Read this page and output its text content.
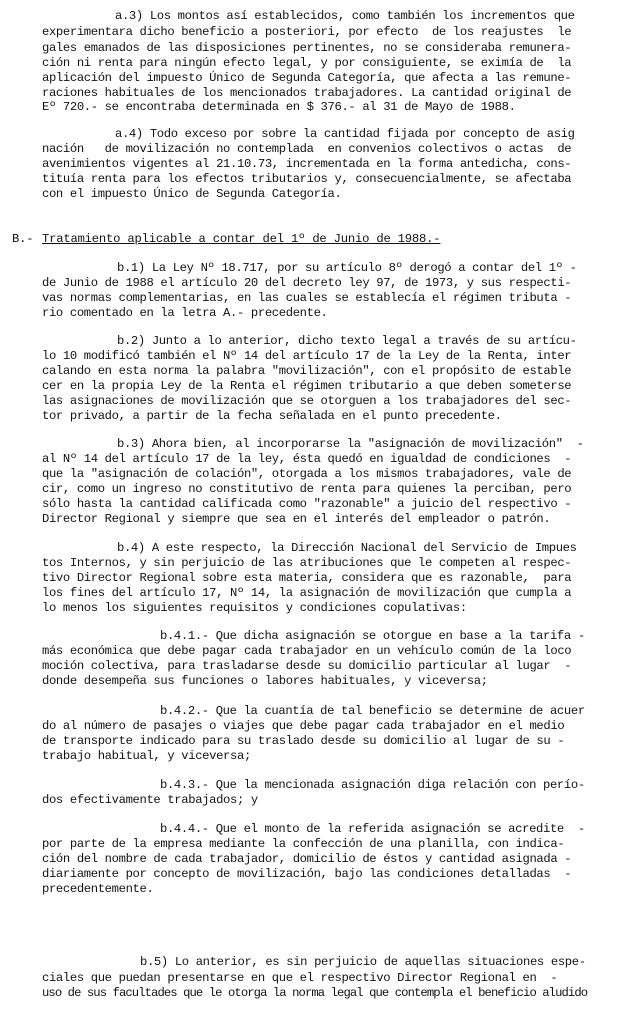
a.3) Los montos así establecidos, como también los incrementos que
experimentara dicho beneficio a posteriori, por efecto  de los reajustes  le
gales emanados de las disposiciones pertinentes, no se consideraba remunera-
ción ni renta para ningún efecto legal, y por consiguiente, se eximía de  la
aplicación del impuesto Único de Segunda Categoría, que afecta a las remune-
raciones habituales de los mencionados trabajadores. La cantidad original de
Eº 720.- se encontraba determinada en $ 376.- al 31 de Mayo de 1988.
a.4) Todo exceso por sobre la cantidad fijada por concepto de asig
nación   de movilización no contemplada  en convenios colectivos o actas  de
avenimientos vigentes al 21.10.73, incrementada en la forma antedicha, cons-
tituía renta para los efectos tributarios y, consecuencialmente, se afectaba
con el impuesto Único de Segunda Categoría.
B.- Tratamiento aplicable a contar del 1º de Junio de 1988.-
b.1) La Ley Nº 18.717, por su artículo 8º derogó a contar del 1º -
de Junio de 1988 el artículo 20 del decreto ley 97, de 1973, y sus respecti-
vas normas complementarias, en las cuales se establecía el régimen tributa -
rio comentado en la letra A.- precedente.
b.2) Junto a lo anterior, dicho texto legal a través de su artícu-
lo 10 modificó también el Nº 14 del artículo 17 de la Ley de la Renta, inter
calando en esta norma la palabra "movilización", con el propósito de estable
cer en la propia Ley de la Renta el régimen tributario a que deben someterse
las asignaciones de movilización que se otorguen a los trabajadores del sec-
tor privado, a partir de la fecha señalada en el punto precedente.
b.3) Ahora bien, al incorporarse la "asignación de movilización"  -
al Nº 14 del artículo 17 de la ley, ésta quedó en igualdad de condiciones  -
que la "asignación de colación", otorgada a los mismos trabajadores, vale de
cir, como un ingreso no constitutivo de renta para quienes la perciban, pero
sólo hasta la cantidad calificada como "razonable" a juicio del respectivo -
Director Regional y siempre que sea en el interés del empleador o patrón.
b.4) A este respecto, la Dirección Nacional del Servicio de Impues
tos Internos, y sin perjuicio de las atribuciones que le competen al respec-
tivo Director Regional sobre esta materia, considera que es razonable,  para
los fines del artículo 17, Nº 14, la asignación de movilización que cumpla a
lo menos los siguientes requisitos y condiciones copulativas:
b.4.1.- Que dicha asignación se otorgue en base a la tarifa -
más económica que debe pagar cada trabajador en un vehículo común de la loco
moción colectiva, para trasladarse desde su domicilio particular al lugar  -
donde desempeña sus funciones o labores habituales, y viceversa;
b.4.2.- Que la cuantía de tal beneficio se determine de acuer
do al número de pasajes o viajes que debe pagar cada trabajador en el medio
de transporte indicado para su traslado desde su domicilio al lugar de su -
trabajo habitual, y viceversa;
b.4.3.- Que la mencionada asignación diga relación con perío-
dos efectivamente trabajados; y
b.4.4.- Que el monto de la referida asignación se acredite  -
por parte de la empresa mediante la confección de una planilla, con indica-
ción del nombre de cada trabajador, domicilio de éstos y cantidad asignada -
diariamente por concepto de movilización, bajo las condiciones detalladas  -
precedentemente.
b.5) Lo anterior, es sin perjuicio de aquellas situaciones espe-
ciales que puedan presentarse en que el respectivo Director Regional en  -
uso de sus facultades que le otorga la norma legal que contempla el beneficio aludido
